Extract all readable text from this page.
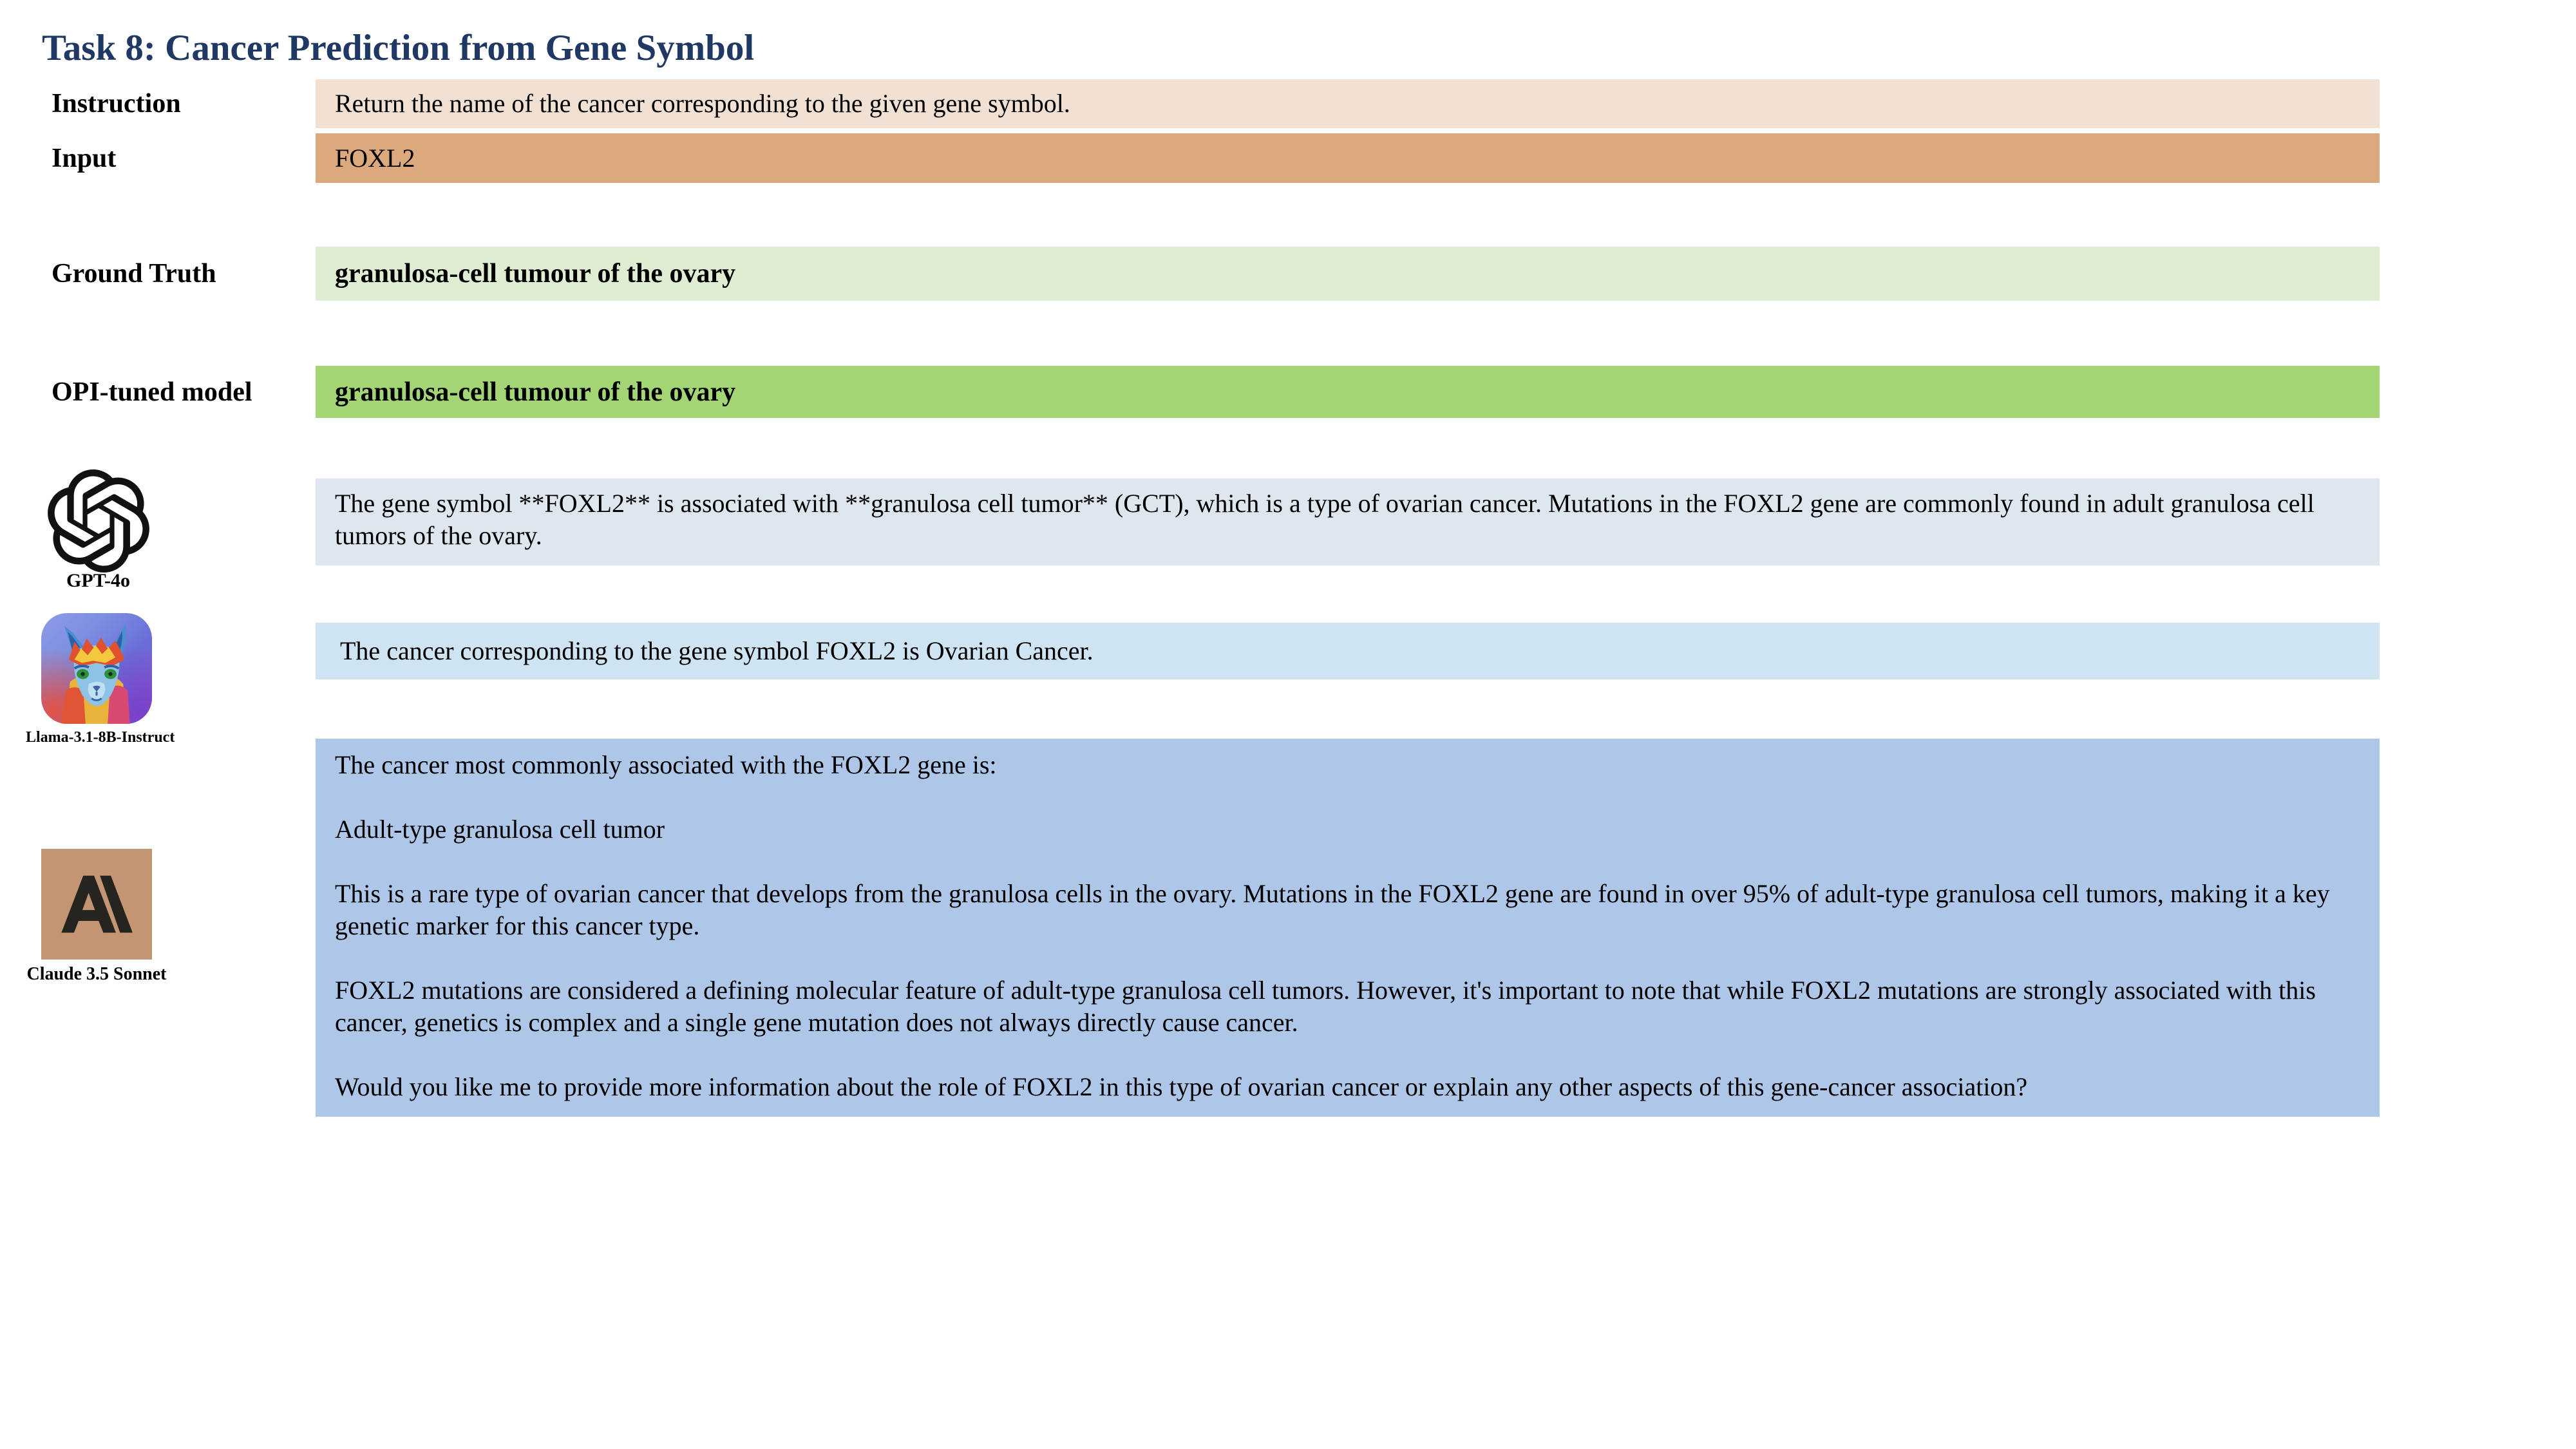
Task 8: Cancer Prediction from Gene Symbol
Instruction	Return the name of the cancer corresponding to the given gene symbol.
Input	FOXL2
Ground Truth	granulosa-cell tumour of the ovary
OPI-tuned model	granulosa-cell tumour of the ovary
GPT-4o
The gene symbol **FOXL2** is associated with **granulosa cell tumor** (GCT), which is a type of ovarian cancer. Mutations in the FOXL2 gene are commonly found in adult granulosa cell tumors of the ovary.
Llama-3.1-8B-Instruct
The cancer corresponding to the gene symbol FOXL2 is Ovarian Cancer.
Claude 3.5 Sonnet

The cancer most commonly associated with the FOXL2 gene is:

Adult-type granulosa cell tumor

This is a rare type of ovarian cancer that develops from the granulosa cells in the ovary. Mutations in the FOXL2 gene are found in over 95% of adult-type granulosa cell tumors, making it a key genetic marker for this cancer type.

FOXL2 mutations are considered a defining molecular feature of adult-type granulosa cell tumors. However, it's important to note that while FOXL2 mutations are strongly associated with this cancer, genetics is complex and a single gene mutation does not always directly cause cancer.

Would you like me to provide more information about the role of FOXL2 in this type of ovarian cancer or explain any other aspects of this gene-cancer association?
